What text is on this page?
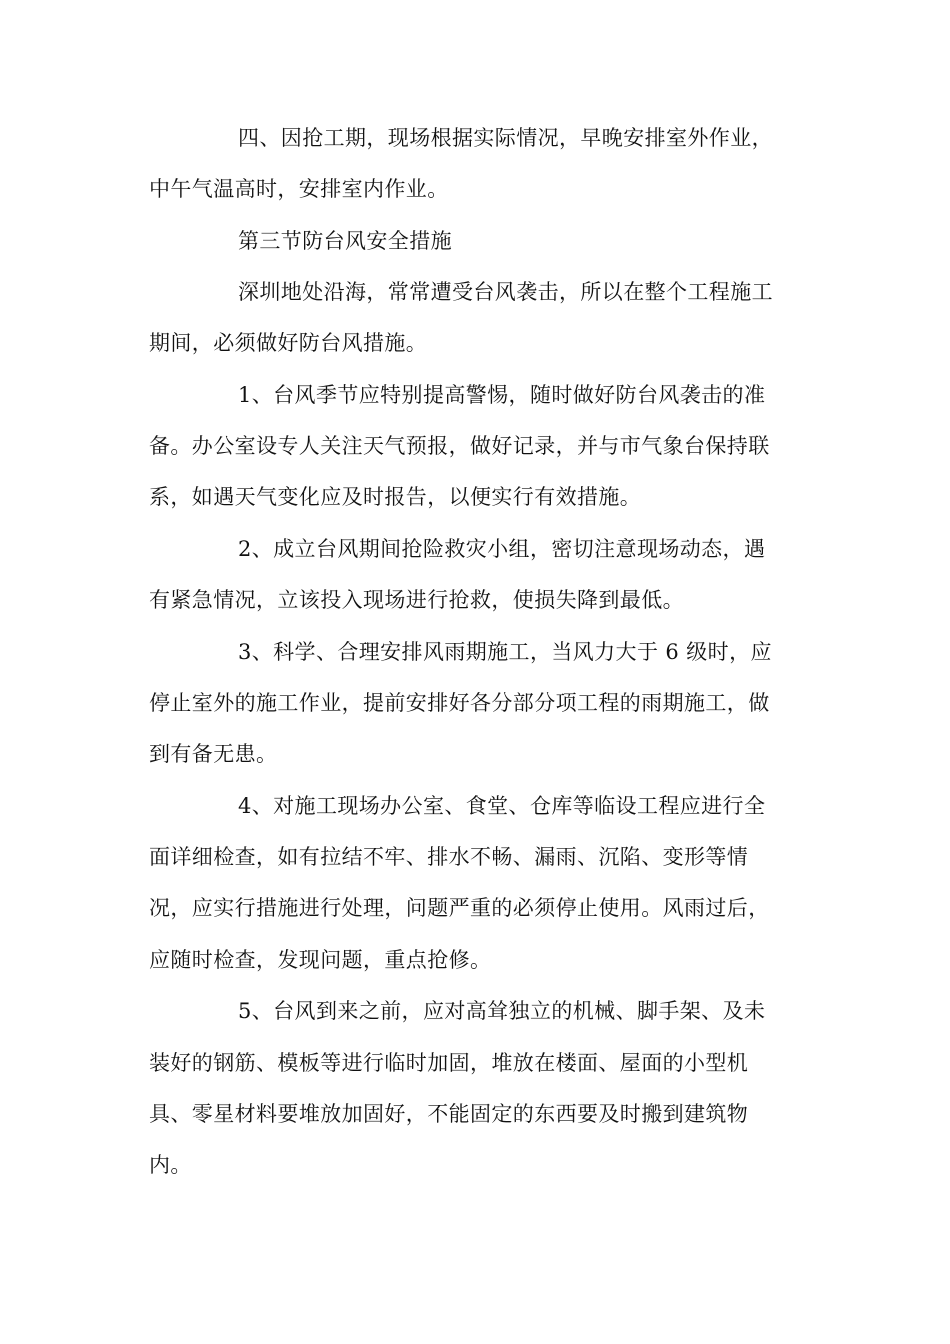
四、因抢工期，现场根据实际情况，早晚安排室外作业，

中午气温高时，安排室内作业。

第三节防台风安全措施

深圳地处沿海，常常遭受台风袭击，所以在整个工程施工

期间，必须做好防台风措施。

1、台风季节应特别提高警惕，随时做好防台风袭击的准

备。办公室设专人关注天气预报，做好记录，并与市气象台保持联

系，如遇天气变化应及时报告，以便实行有效措施。

2、成立台风期间抢险救灾小组，密切注意现场动态，遇

有紧急情况，立该投入现场进行抢救，使损失降到最低。

3、科学、合理安排风雨期施工，当风力大于 6 级时，应

停止室外的施工作业，提前安排好各分部分项工程的雨期施工，做

到有备无患。

4、对施工现场办公室、食堂、仓库等临设工程应进行全

面详细检查，如有拉结不牢、排水不畅、漏雨、沉陷、变形等情

况，应实行措施进行处理，问题严重的必须停止使用。风雨过后，

应随时检查，发现问题，重点抢修。

5、台风到来之前，应对高耸独立的机械、脚手架、及未

装好的钢筋、模板等进行临时加固，堆放在楼面、屋面的小型机

具、零星材料要堆放加固好，不能固定的东西要及时搬到建筑物

内。
